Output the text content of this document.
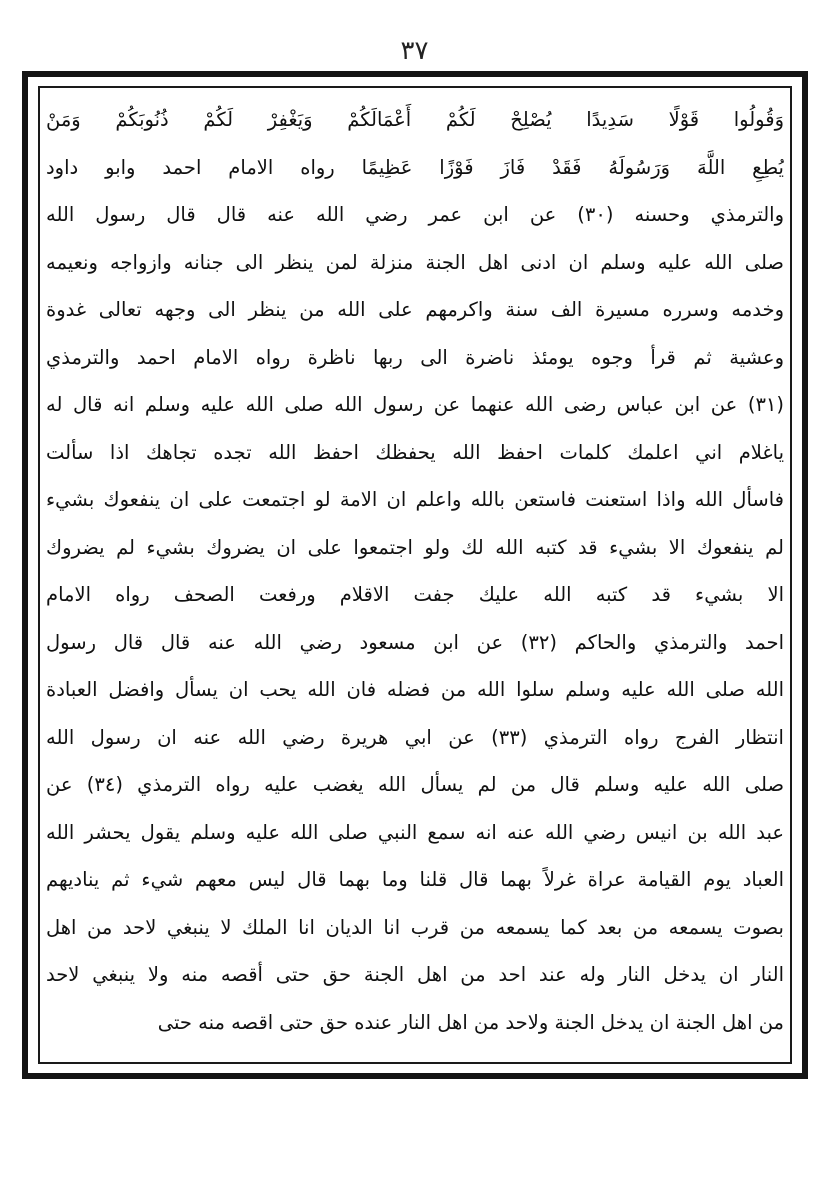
٣٧
وَقُولُوا قَوْلًا سَدِيدًا يُصْلِحْ لَكُمْ أَعْمَالَكُمْ وَيَغْفِرْ لَكُمْ ذُنُوبَكُمْ وَمَنْ
يُطِعِ اللَّهَ وَرَسُولَهُ فَقَدْ فَازَ فَوْزًا عَظِيمًا رواه الامام احمد وابو داود
والترمذي وحسنه (٣٠) عن ابن عمر رضي الله عنه قال قال رسول الله
صلى الله عليه وسلم ان ادنى اهل الجنة منزلة لمن ينظر الى جنانه وازواجه ونعيمه
وخدمه وسرره مسيرة الف سنة واكرمهم على الله من ينظر الى وجهه تعالى غدوة
وعشية ثم قرأ وجوه يومئذ ناضرة الى ربها ناظرة رواه الامام احمد والترمذي
(٣١) عن ابن عباس رضى الله عنهما عن رسول الله صلى الله عليه وسلم انه قال له
ياغلام اني اعلمك كلمات احفظ الله يحفظك احفظ الله تجده تجاهك اذا سألت
فاسأل الله واذا استعنت فاستعن بالله واعلم ان الامة لو اجتمعت على ان ينفعوك بشيء
لم ينفعوك الا بشيء قد كتبه الله لك ولو اجتمعوا على ان يضروك بشيء لم يضروك
الا بشيء قد كتبه الله عليك جفت الاقلام ورفعت الصحف رواه الامام
احمد والترمذي والحاكم (٣٢) عن ابن مسعود رضي الله عنه قال قال رسول
الله صلى الله عليه وسلم سلوا الله من فضله فان الله يحب ان يسأل وافضل العبادة
انتظار الفرج رواه الترمذي (٣٣) عن ابي هريرة رضي الله عنه ان رسول الله
صلى الله عليه وسلم قال من لم يسأل الله يغضب عليه رواه الترمذي (٣٤) عن
عبد الله بن انيس رضي الله عنه انه سمع النبي صلى الله عليه وسلم يقول يحشر الله
العباد يوم القيامة عراة غرلاً بهما قال قلنا وما بهما قال ليس معهم شيء ثم يناديهم
بصوت يسمعه من بعد كما يسمعه من قرب انا الديان انا الملك لا ينبغي لاحد من اهل
النار ان يدخل النار وله عند احد من اهل الجنة حق حتى أقصه منه ولا ينبغي لاحد
من اهل الجنة ان يدخل الجنة ولاحد من اهل النار عنده حق حتى اقصه منه حتى
